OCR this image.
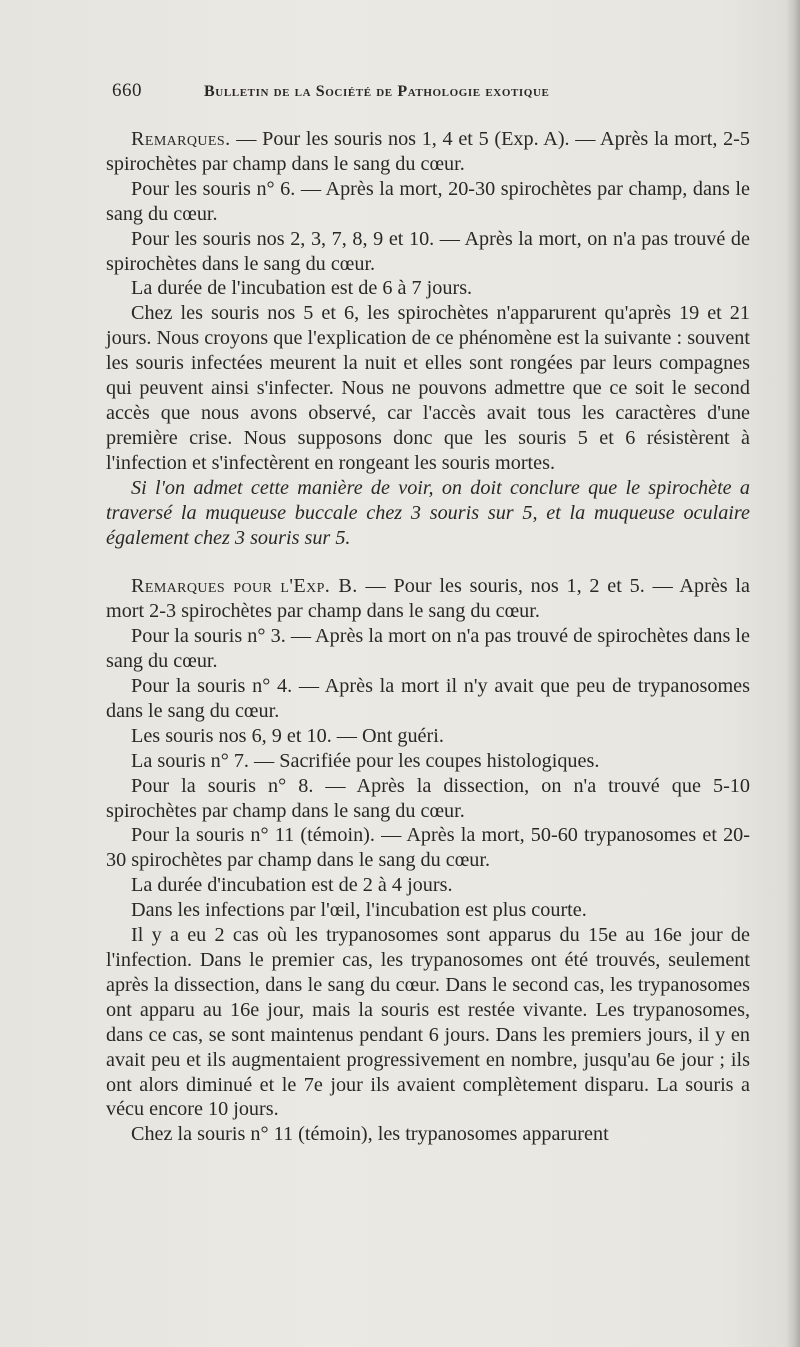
660	Bulletin de la Société de Pathologie exotique

Remarques. — Pour les souris nos 1, 4 et 5 (Exp. A). — Après la mort, 2-5 spirochètes par champ dans le sang du cœur.

Pour les souris n° 6. — Après la mort, 20-30 spirochètes par champ, dans le sang du cœur.

Pour les souris nos 2, 3, 7, 8, 9 et 10. — Après la mort, on n'a pas trouvé de spirochètes dans le sang du cœur.

La durée de l'incubation est de 6 à 7 jours.

Chez les souris nos 5 et 6, les spirochètes n'apparurent qu'après 19 et 21 jours. Nous croyons que l'explication de ce phénomène est la suivante : souvent les souris infectées meurent la nuit et elles sont rongées par leurs compagnes qui peuvent ainsi s'infecter. Nous ne pouvons admettre que ce soit le second accès que nous avons observé, car l'accès avait tous les caractères d'une première crise. Nous supposons donc que les souris 5 et 6 résistèrent à l'infection et s'infectèrent en rongeant les souris mortes.

Si l'on admet cette manière de voir, on doit conclure que le spirochète a traversé la muqueuse buccale chez 3 souris sur 5, et la muqueuse oculaire également chez 3 souris sur 5.

Remarques pour l'Exp. B. — Pour les souris, nos 1, 2 et 5. — Après la mort 2-3 spirochètes par champ dans le sang du cœur.

Pour la souris n° 3. — Après la mort on n'a pas trouvé de spirochètes dans le sang du cœur.

Pour la souris n° 4. — Après la mort il n'y avait que peu de trypanosomes dans le sang du cœur.

Les souris nos 6, 9 et 10. — Ont guéri.

La souris n° 7. — Sacrifiée pour les coupes histologiques.

Pour la souris n° 8. — Après la dissection, on n'a trouvé que 5-10 spirochètes par champ dans le sang du cœur.

Pour la souris n° 11 (témoin). — Après la mort, 50-60 trypanosomes et 20-30 spirochètes par champ dans le sang du cœur.

La durée d'incubation est de 2 à 4 jours.

Dans les infections par l'œil, l'incubation est plus courte.

Il y a eu 2 cas où les trypanosomes sont apparus du 15e au 16e jour de l'infection. Dans le premier cas, les trypanosomes ont été trouvés, seulement après la dissection, dans le sang du cœur. Dans le second cas, les trypanosomes ont apparu au 16e jour, mais la souris est restée vivante. Les trypanosomes, dans ce cas, se sont maintenus pendant 6 jours. Dans les premiers jours, il y en avait peu et ils augmentaient progressivement en nombre, jusqu'au 6e jour ; ils ont alors diminué et le 7e jour ils avaient complètement disparu. La souris a vécu encore 10 jours.

Chez la souris n° 11 (témoin), les trypanosomes apparurent
